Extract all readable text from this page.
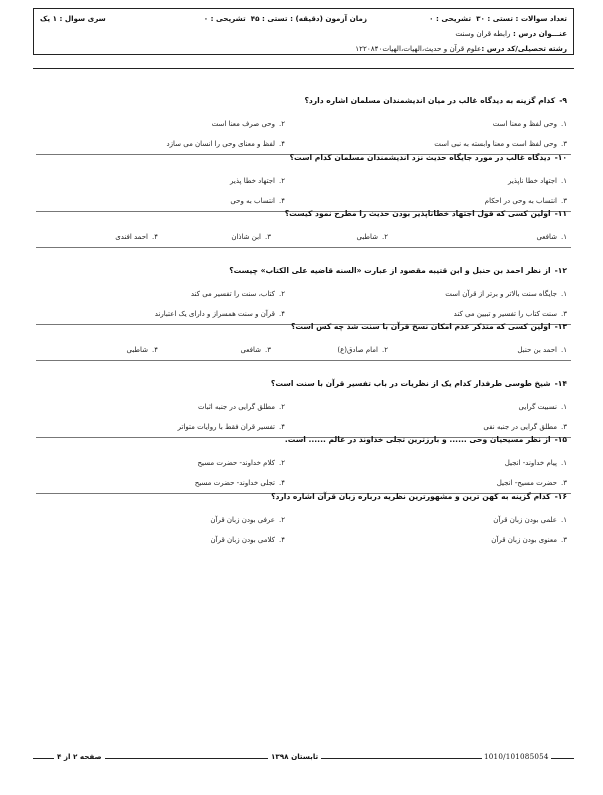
تعداد سوالات : تستی : ۳۰  تشریحی : ۰
زمان آزمون (دقیقه) : تستی : ۴۵  تشریحی : ۰
سری سوال : ۱ یک
عنـــوان درس : رابطه قران وسنت
رشته تحصیلی/کد درس :علوم قرآن و حدیث،الهیات،الهیات۱۲۲۰۸۴۰
۹-کدام گزینه به دیدگاه غالب در میان اندیشمندان مسلمان اشاره دارد؟
۱.وحی لفظ و معنا است
۲.وحی صرف معنا است
۳.وحی لفظ است و معنا وابسته به نبی است
۴.لفظ و معنای وحی را انسان می سازد
۱۰-دیدگاه غالب در مورد جایگاه حدیث نزد اندیشمندان مسلمان کدام است؟
۱.اجتهاد خطا ناپذیر
۲.اجتهاد خطا پذیر
۳.انتساب به وحی در احکام
۴.انتساب به وحی
۱۱-اولین کسی که قول اجتهاد خطاناپذیر بودن حدیث را مطرح نمود کیست؟
۱.شافعی
۲.شاطبی
۳.ابن شاذان
۴.احمد افندی
۱۲-از نظر احمد بن حنبل و ابن قتیبه مقصود از عبارت «السنه قاضیه علی الکتاب» چیست؟
۱.جایگاه سنت بالاتر و برتر از قرآن است
۲.کتاب، سنت را تفسیر می کند
۳.سنت کتاب را تفسیر و تبیین می کند
۴.قرآن و سنت همسراز و دارای یک اعتبارند
۱۳-اولین کسی که متذکر عدم امکان نسخ قرآن با سنت شد چه کس است؟
۱.احمد بن حنبل
۲.امام صادق(ع)
۳.شافعی
۴.شاطبی
۱۴-شیخ طوسی طرفدار کدام یک از نظریات در باب تفسیر قرآن با سنت است؟
۱.نسبیت گرایی
۲.مطلق گرایی در جنبه اثبات
۳.مطلق گرایی در جنبه نفی
۴.تفسیر قران فقط با روایات متواتر
۱۵-از نظر مسیحیان وحی ...... و بارزترین تجلی خداوند در عالم ...... است.
۱.پیام خداوند- انجیل
۲.کلام خداوند- حضرت مسیح
۳.حضرت مسیح- انجیل
۴.تجلی خداوند- حضرت مسیح
۱۶-کدام گزینه به کهن ترین و مشهورترین نظریه درباره زبان قرآن اشاره دارد؟
۱.علمی بودن زبان قرآن
۲.عرفی بودن زبان قرآن
۳.معنوی بودن زبان قرآن
۴.کلامی بودن زبان قرآن
صفحه ۲ از ۴	تابستان ۱۳۹۸	1010/101085054
